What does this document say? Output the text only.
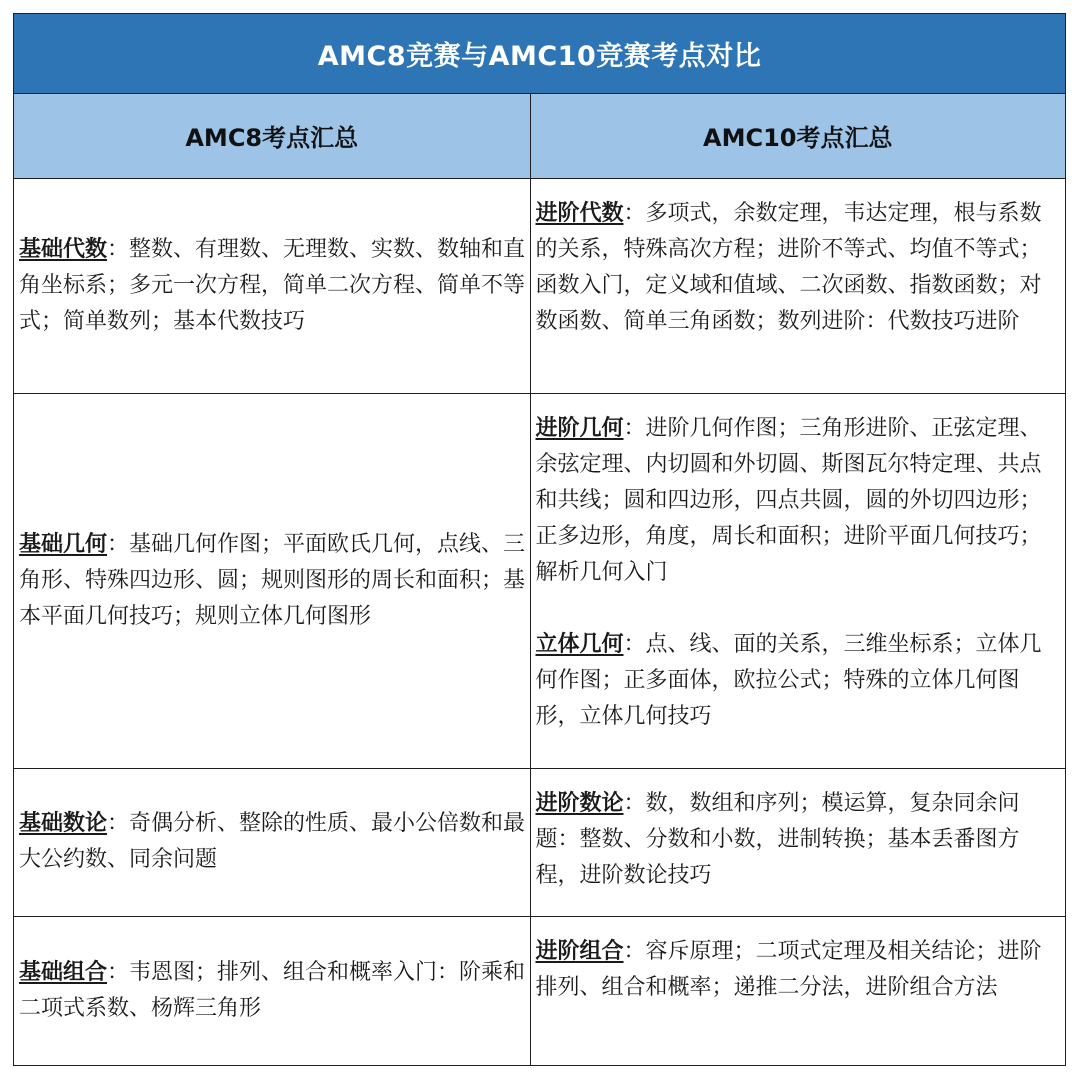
AMC8竞赛与AMC10竞赛考点对比
AMC8考点汇总	AMC10考点汇总

基础代数：整数、有理数、无理数、实数、数轴和直角坐标系；多元一次方程，简单二次方程、简单不等式；简单数列；基本代数技巧	进阶代数：多项式，余数定理，韦达定理，根与系数的关系，特殊高次方程；进阶不等式、均值不等式；函数入门，定义域和值域、二次函数、指数函数；对数函数、简单三角函数；数列进阶：代数技巧进阶

基础几何：基础几何作图；平面欧氏几何，点线、三角形、特殊四边形、圆；规则图形的周长和面积；基本平面几何技巧；规则立体几何图形	进阶几何：进阶几何作图；三角形进阶、正弦定理、余弦定理、内切圆和外切圆、斯图瓦尔特定理、共点和共线；圆和四边形，四点共圆，圆的外切四边形；正多边形，角度，周长和面积；进阶平面几何技巧；解析几何入门
立体几何：点、线、面的关系，三维坐标系；立体几何作图；正多面体，欧拉公式；特殊的立体几何图形，立体几何技巧

基础数论：奇偶分析、整除的性质、最小公倍数和最大公约数、同余问题	进阶数论：数，数组和序列；模运算，复杂同余问题：整数、分数和小数，进制转换；基本丢番图方程，进阶数论技巧

基础组合：韦恩图；排列、组合和概率入门：阶乘和二项式系数、杨辉三角形	进阶组合：容斥原理；二项式定理及相关结论；进阶排列、组合和概率；递推二分法，进阶组合方法
